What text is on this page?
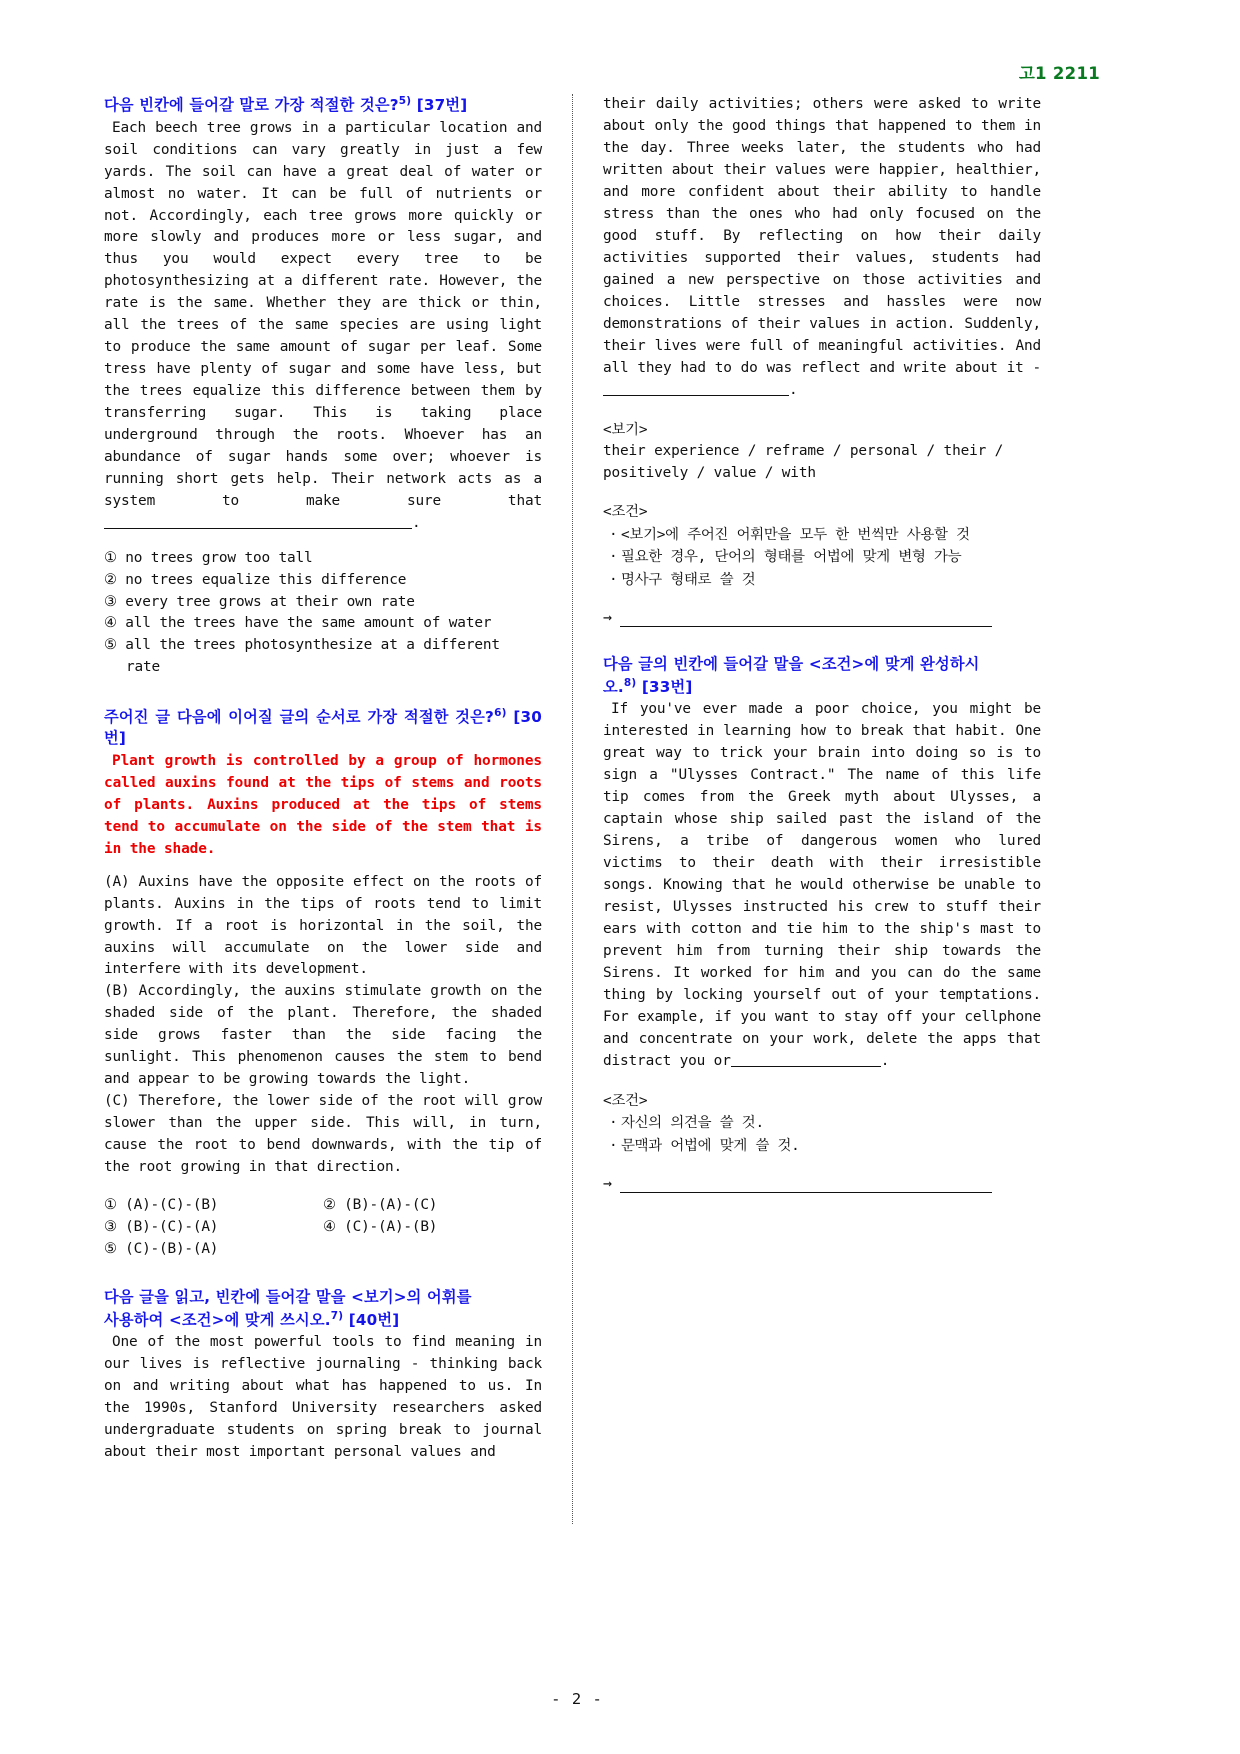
고1 2211
다음 빈칸에 들어갈 말로 가장 적절한 것은?$^{5)}$ [37번]

Each beech tree grows in a particular location and soil conditions can vary greatly in just a few yards. The soil can have a great deal of water or almost no water. It can be full of nutrients or not. Accordingly, each tree grows more quickly or more slowly and produces more or less sugar, and thus you would expect every tree to be photosynthesizing at a different rate. However, the rate is the same. Whether they are thick or thin, all the trees of the same species are using light to produce the same amount of sugar per leaf. Some tress have plenty of sugar and some have less, but the trees equalize this difference between them by transferring sugar. This is taking place underground through the roots. Whoever has an abundance of sugar hands some over; whoever is running short gets help. Their network acts as a system to make sure that.

① no trees grow too tall
② no trees equalize this difference
③ every tree grows at their own rate
④ all the trees have the same amount of water
⑤ all the trees photosynthesize at a different
rate
주어진 글 다음에 이어질 글의 순서로 가장 적절한 것은?$^{6)}$ [30번]

Plant growth is controlled by a group of hormones called auxins found at the tips of stems and roots of plants. Auxins produced at the tips of stems tend to accumulate on the side of the stem that is in the shade.

(A) Auxins have the opposite effect on the roots of plants. Auxins in the tips of roots tend to limit growth. If a root is horizontal in the soil, the auxins will accumulate on the lower side and interfere with its development.

(B) Accordingly, the auxins stimulate growth on the shaded side of the plant. Therefore, the shaded side grows faster than the side facing the sunlight. This phenomenon causes the stem to bend and appear to be growing towards the light.

(C) Therefore, the lower side of the root will grow slower than the upper side. This will, in turn, cause the root to bend downwards, with the tip of the root growing in that direction.

① (A)-(C)-(B)	② (B)-(A)-(C)
③ (B)-(C)-(A)	④ (C)-(A)-(B)
⑤ (C)-(B)-(A)
다음 글을 읽고, 빈칸에 들어갈 말을 <보기>의 어휘를
사용하여 <조건>에 맞게 쓰시오.$^{7)}$ [40번]

One of the most powerful tools to find meaning in our lives is reflective journaling - thinking back on and writing about what has happened to us. In the 1990s, Stanford University researchers asked undergraduate students on spring break to journal about their most important personal values and

their daily activities; others were asked to write about only the good things that happened to them in the day. Three weeks later, the students who had written about their values were happier, healthier, and more confident about their ability to handle stress than the ones who had only focused on the good stuff. By reflecting on how their daily activities supported their values, students had gained a new perspective on those activities and choices. Little stresses and hassles were now demonstrations of their values in action. Suddenly, their lives were full of meaningful activities. And all they had to do was reflect and write about it -.

<보기>
their experience / reframe / personal / their / positively / value / with
<조건>
· <보기>에 주어진 어휘만을 모두 한 번씩만 사용할 것
· 필요한 경우, 단어의 형태를 어법에 맞게 변형 가능
· 명사구 형태로 쓸 것
→
다음 글의 빈칸에 들어갈 말을 <조건>에 맞게 완성하시
오.$^{8)}$ [33번]

If you've ever made a poor choice, you might be interested in learning how to break that habit. One great way to trick your brain into doing so is to sign a "Ulysses Contract." The name of this life tip comes from the Greek myth about Ulysses, a captain whose ship sailed past the island of the Sirens, a tribe of dangerous women who lured victims to their death with their irresistible songs. Knowing that he would otherwise be unable to resist, Ulysses instructed his crew to stuff their ears with cotton and tie him to the ship's mast to prevent him from turning their ship towards the Sirens. It worked for him and you can do the same thing by locking yourself out of your temptations. For example, if you want to stay off your cellphone and concentrate on your work, delete the apps that distract you or	.

<조건>
· 자신의 의견을 쓸 것.
· 문맥과 어법에 맞게 쓸 것.
→
- 2 -
